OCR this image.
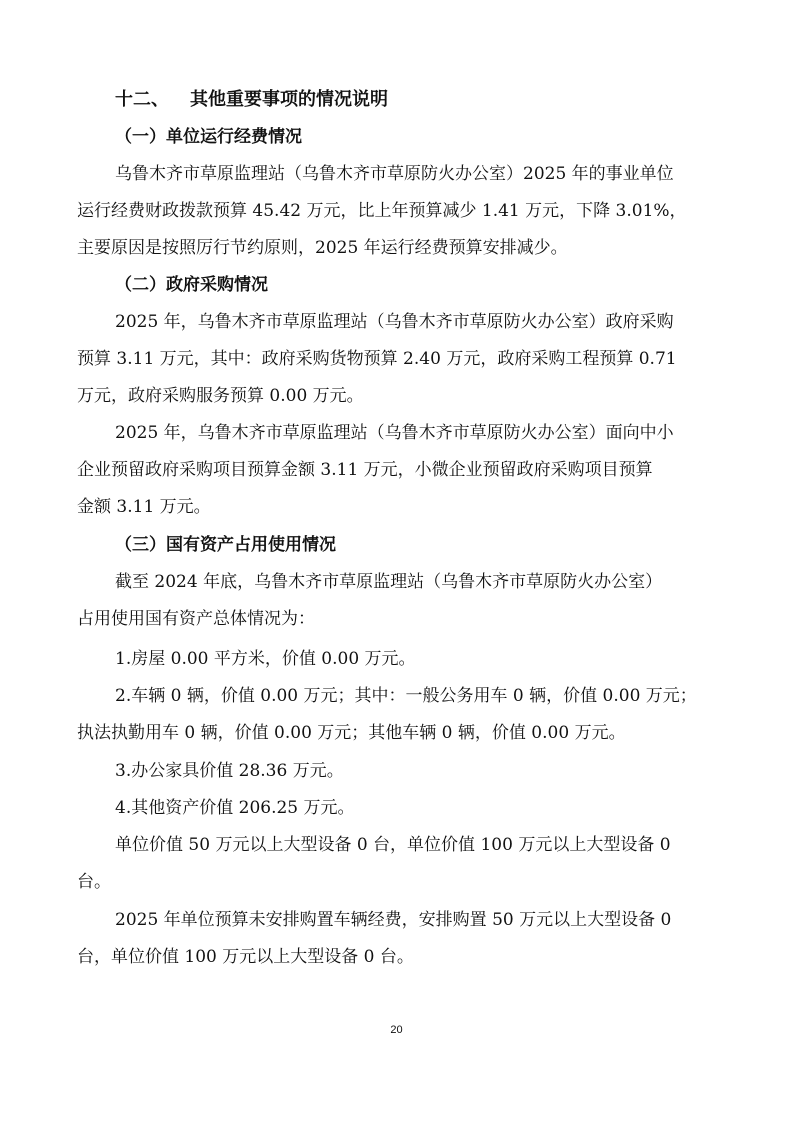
十二、 其他重要事项的情况说明
（一）单位运行经费情况
乌鲁木齐市草原监理站（乌鲁木齐市草原防火办公室）2025 年的事业单位
运行经费财政拨款预算 45.42 万元，比上年预算减少 1.41 万元，下降 3.01%，
主要原因是按照厉行节约原则，2025 年运行经费预算安排减少。
（二）政府采购情况
2025 年，乌鲁木齐市草原监理站（乌鲁木齐市草原防火办公室）政府采购
预算 3.11 万元，其中：政府采购货物预算 2.40 万元，政府采购工程预算 0.71
万元，政府采购服务预算 0.00 万元。
2025 年，乌鲁木齐市草原监理站（乌鲁木齐市草原防火办公室）面向中小
企业预留政府采购项目预算金额 3.11 万元，小微企业预留政府采购项目预算
金额 3.11 万元。
（三）国有资产占用使用情况
截至 2024 年底，乌鲁木齐市草原监理站（乌鲁木齐市草原防火办公室）
占用使用国有资产总体情况为：
1.房屋 0.00 平方米，价值 0.00 万元。
2.车辆 0 辆，价值 0.00 万元；其中：一般公务用车 0 辆，价值 0.00 万元；
执法执勤用车 0 辆，价值 0.00 万元；其他车辆 0 辆，价值 0.00 万元。
3.办公家具价值 28.36 万元。
4.其他资产价值 206.25 万元。
单位价值 50 万元以上大型设备 0 台，单位价值 100 万元以上大型设备 0
台。
2025 年单位预算未安排购置车辆经费，安排购置 50 万元以上大型设备 0
台，单位价值 100 万元以上大型设备 0 台。
20
